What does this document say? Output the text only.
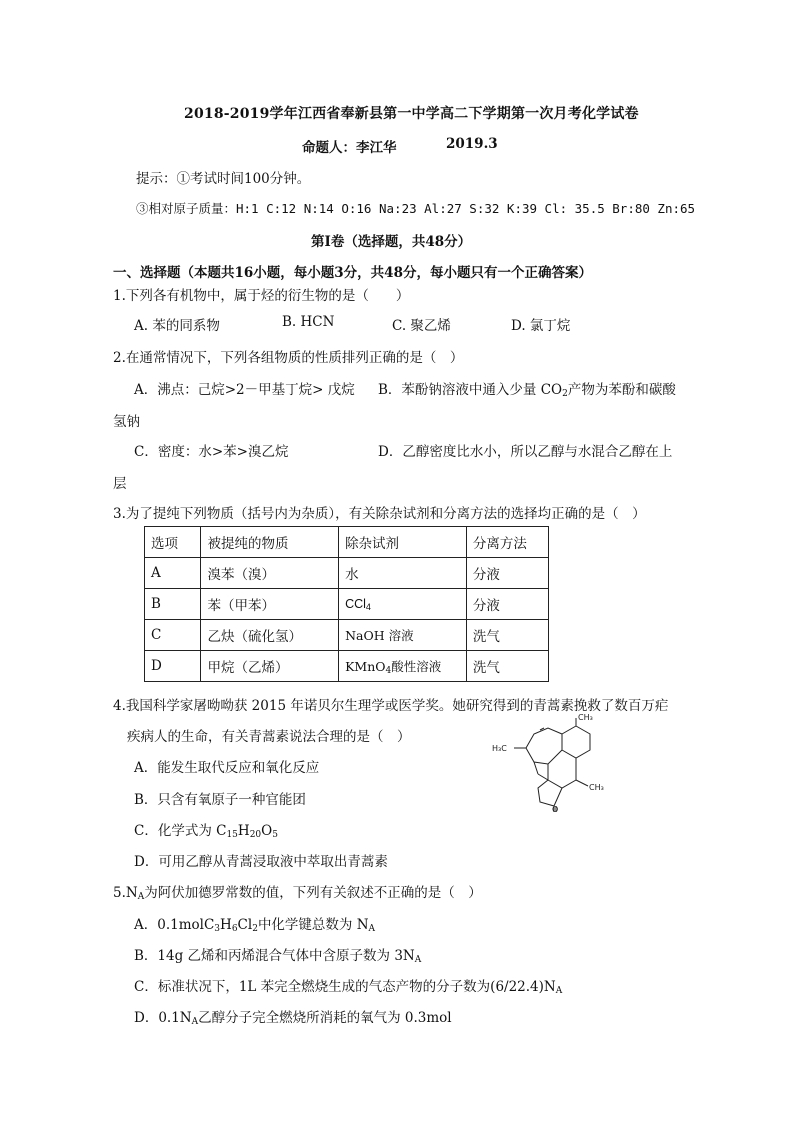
2018-2019学年江西省奉新县第一中学高二下学期第一次月考化学试卷
命题人：李江华	2019.3
提示：①考试时间100分钟。
③相对原子质量：H:1 C:12 N:14 O:16 Na:23 Al:27 S:32 K:39 Cl: 35.5 Br:80 Zn:65
第Ⅰ卷（选择题，共48分）
一、选择题（本题共16小题，每小题3分，共48分，每小题只有一个正确答案）
1.下列各有机物中，属于烃的衍生物的是（　　）
A. 苯的同系物	B. HCN	C. 聚乙烯	D. 氯丁烷
2.在通常情况下，下列各组物质的性质排列正确的是（　）
A．沸点：己烷>2－甲基丁烷> 戊烷 B．苯酚钠溶液中通入少量 $CO_2$产物为苯酚和碳酸
氢钠
C．密度：水>苯>溴乙烷	D．乙醇密度比水小，所以乙醇与水混合乙醇在上
层
3.为了提纯下列物质（括号内为杂质），有关除杂试剂和分离方法的选择均正确的是（　）
选项	被提纯的物质	除杂试剂	分离方法
A	溴苯（溴）	水	分液
B	苯（甲苯）	CCl$_4$	分液
C	乙炔（硫化氢）	NaOH 溶液	洗气
D	甲烷（乙烯）	KMnO$_4$酸性溶液	洗气
4.我国科学家屠呦呦获 2015 年诺贝尔生理学或医学奖。她研究得到的青蒿素挽救了数百万疟
疾病人的生命，有关青蒿素说法合理的是（　）
A．能发生取代反应和氧化反应
B．只含有氧原子一种官能团
C．化学式为 $C_{15}H_{20}O_5$
D．可用乙醇从青蒿浸取液中萃取出青蒿素
CH₃
H₃C
CH₃
O
$5.N_A$为阿伏加德罗常数的值，下列有关叙述不正确的是（　）
A．$0.1molC_3H_6Cl_2$中化学键总数为 $N_A$
B．14g 乙烯和丙烯混合气体中含原子数为 $3N_A$
C．标准状况下，1L 苯完全燃烧生成的气态产物的分子数为$(6/22.4)N_A$
D．$0.1N_A$乙醇分子完全燃烧所消耗的氧气为 0.3mol
